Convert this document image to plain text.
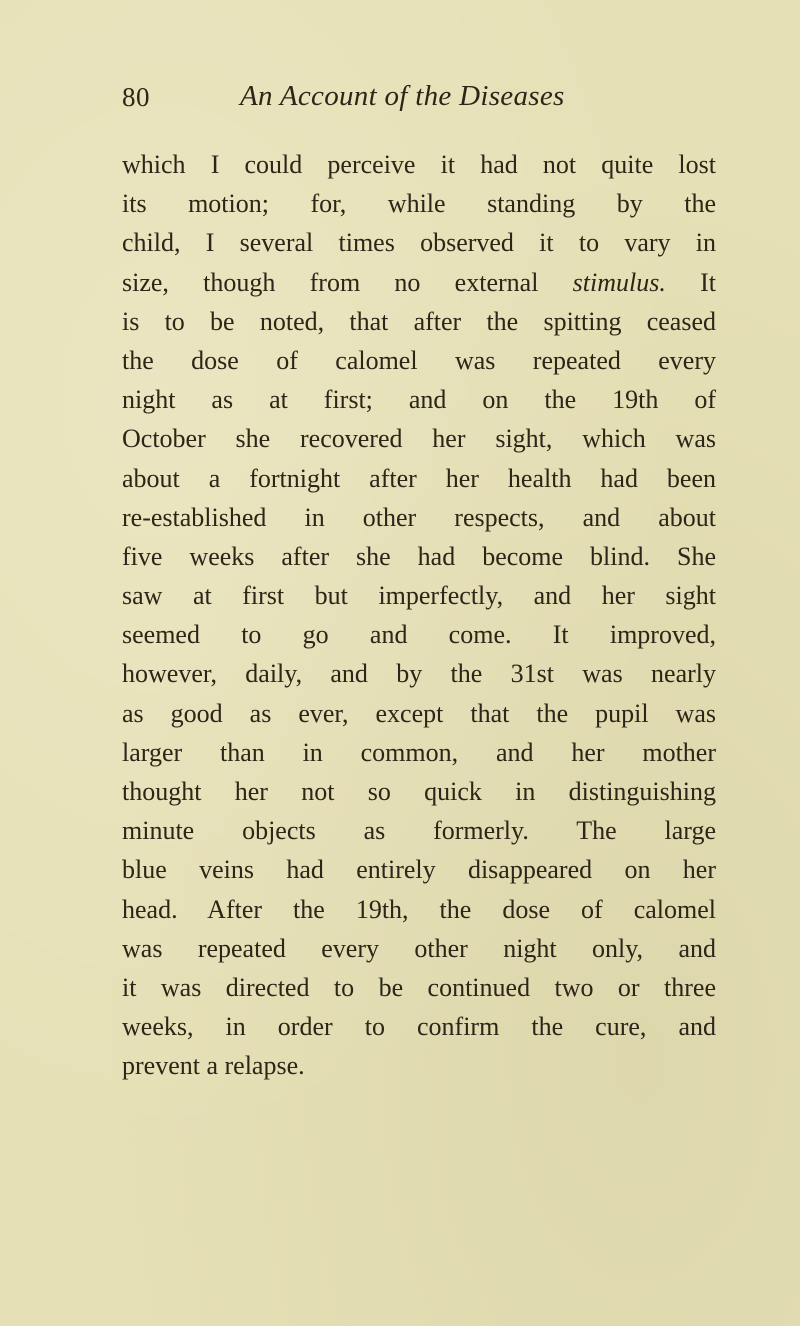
80	An Account of the Diseases
which I could perceive it had not quite lost
its motion; for, while standing by the
child, I several times observed it to vary in
size, though from no external stimulus. It
is to be noted, that after the spitting ceased
the dose of calomel was repeated every
night as at first; and on the 19th of
October she recovered her sight, which was
about a fortnight after her health had been
re-established in other respects, and about
five weeks after she had become blind. She
saw at first but imperfectly, and her sight
seemed to go and come. It improved,
however, daily, and by the 31st was nearly
as good as ever, except that the pupil was
larger than in common, and her mother
thought her not so quick in distinguishing
minute objects as formerly. The large
blue veins had entirely disappeared on her
head. After the 19th, the dose of calomel
was repeated every other night only, and
it was directed to be continued two or three
weeks, in order to confirm the cure, and
prevent a relapse.
